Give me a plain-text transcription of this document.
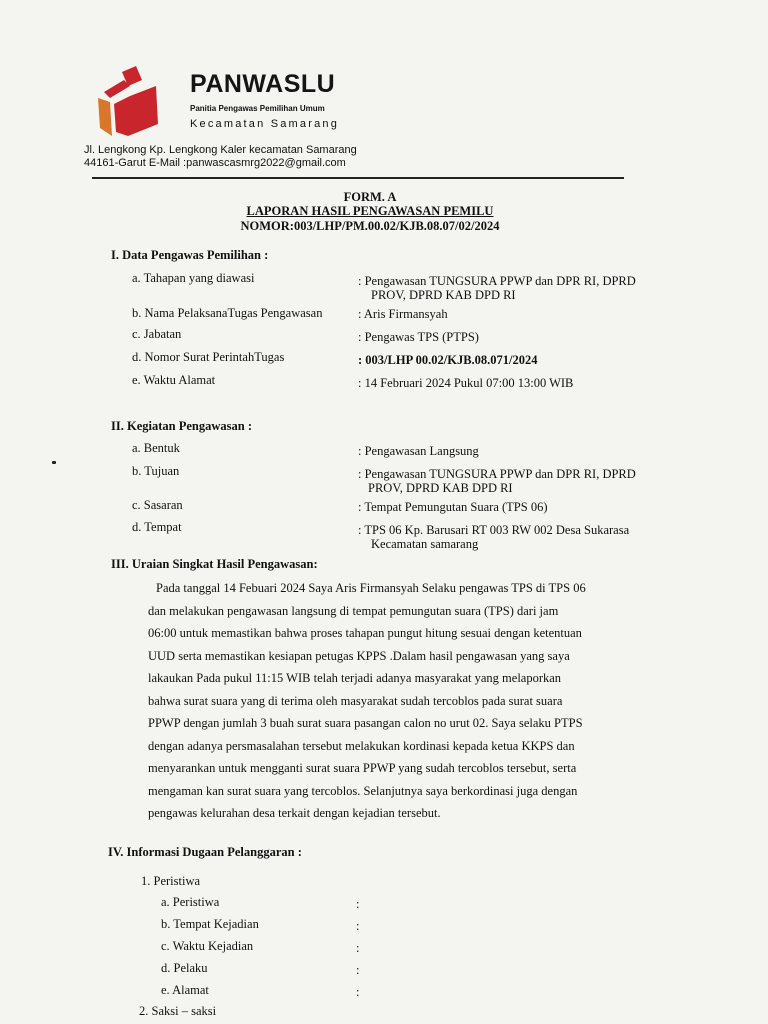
PANWASLU
Panitia Pengawas Pemilihan Umum
Kecamatan Samarang
Jl. Lengkong Kp. Lengkong Kaler kecamatan Samarang
44161-Garut E-Mail :panwascasmrg2022@gmail.com
FORM. A
LAPORAN HASIL PENGAWASAN PEMILU
NOMOR:003/LHP/PM.00.02/KJB.08.07/02/2024
I. Data Pengawas Pemilihan :
a. Tahapan yang diawasi	: Pengawasan TUNGSURA PPWP dan DPR RI, DPRD
PROV, DPRD KAB DPD RI
b. Nama PelaksanaTugas Pengawasan	: Aris Firmansyah
c. Jabatan	: Pengawas TPS (PTPS)
d. Nomor Surat PerintahTugas	: 003/LHP 00.02/KJB.08.071/2024
e. Waktu Alamat	: 14 Februari 2024 Pukul 07:00 13:00 WIB
II. Kegiatan Pengawasan :
a. Bentuk	: Pengawasan Langsung
b. Tujuan	: Pengawasan TUNGSURA PPWP dan DPR RI, DPRD
PROV, DPRD KAB DPD RI
c. Sasaran	: Tempat Pemungutan Suara (TPS 06)
d. Tempat	: TPS 06 Kp. Barusari RT 003 RW 002 Desa Sukarasa
Kecamatan samarang
III. Uraian Singkat Hasil Pengawasan:

Pada tanggal 14 Febuari 2024 Saya Aris Firmansyah Selaku pengawas TPS di TPS 06

dan melakukan pengawasan langsung di tempat pemungutan suara (TPS) dari jam

06:00 untuk memastikan bahwa proses tahapan pungut hitung sesuai dengan ketentuan

UUD serta memastikan kesiapan petugas KPPS .Dalam hasil pengawasan yang saya

lakaukan Pada pukul 11:15 WIB telah terjadi adanya masyarakat yang melaporkan

bahwa surat suara yang di terima oleh masyarakat sudah tercoblos pada surat suara

PPWP dengan jumlah 3 buah surat suara pasangan calon no urut 02. Saya selaku PTPS

dengan adanya persmasalahan tersebut melakukan kordinasi kepada ketua KKPS dan

menyarankan untuk mengganti surat suara PPWP yang sudah tercoblos tersebut, serta

mengaman kan surat suara yang tercoblos. Selanjutnya saya berkordinasi juga dengan

pengawas kelurahan desa terkait dengan kejadian tersebut.

IV. Informasi Dugaan Pelanggaran :
1. Peristiwa
a. Peristiwa	:
b. Tempat Kejadian	:
c. Waktu Kejadian	:
d. Pelaku	:
e. Alamat	:
2. Saksi – saksi
